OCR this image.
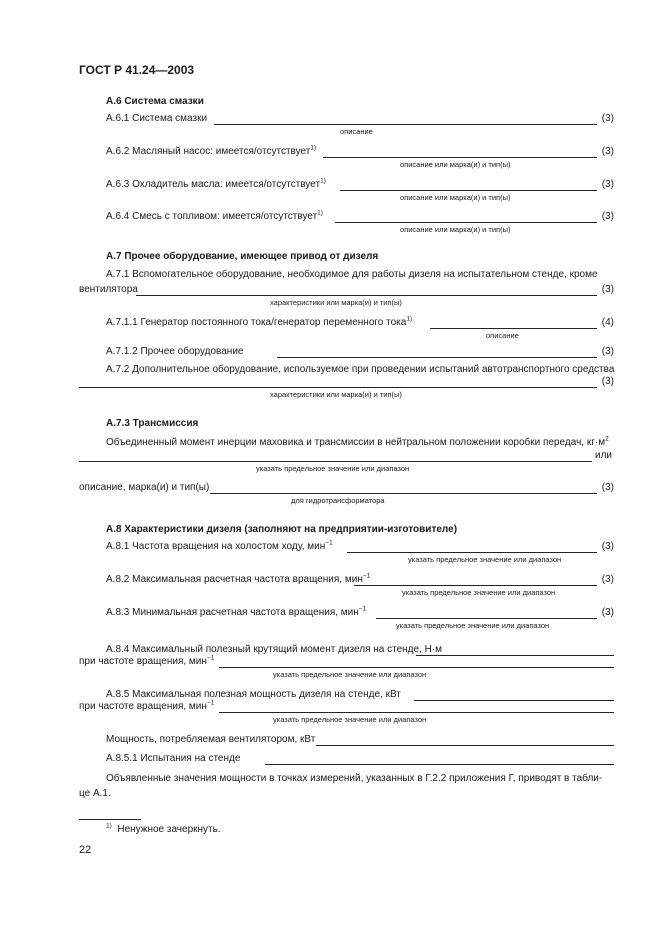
ГОСТ Р 41.24—2003
А.6 Система смазки
А.6.1 Система смазки	(3)
описание
А.6.2 Масляный насос: имеется/отсутствует$^{1)}$	(3)
описание или марка(и) и тип(ы)
А.6.3 Охладитель масла: имеется/отсутствует$^{1)}$	(3)
описание или марка(и) и тип(ы)
А.6.4 Смесь с топливом: имеется/отсутствует$^{1)}$	(3)
описание или марка(и) и тип(ы)
А.7 Прочее оборудование, имеющее привод от дизеля
А.7.1 Вспомогательное оборудование, необходимое для работы дизеля на испытательном стенде, кроме
вентилятора	(3)
характеристики или марка(и) и тип(ы)
А.7.1.1 Генератор постоянного тока/генератор переменного тока$^{1)}$	(4)
описание
А.7.1.2 Прочее оборудование	(3)
А.7.2 Дополнительное оборудование, используемое при проведении испытаний автотранспортного средства
(3)
характеристики или марка(и) и тип(ы)
А.7.3 Трансмиссия
Объединенный момент инерции маховика и трансмиссии в нейтральном положении коробки передач, $кг\cdot м^2$
или
указать предельное значение или диапазон
описание, марка(и) и тип(ы)	(3)
для гидротрансформатора
А.8 Характеристики дизеля (заполняют на предприятии-изготовителе)
А.8.1 Частота вращения на холостом ходу, мин$^{-1}$	(3)
указать предельное значение или диапазон
А.8.2 Максимальная расчетная частота вращения, мин$^{-1}$	(3)
указать предельное значение или диапазон
А.8.3 Минимальная расчетная частота вращения, мин$^{-1}$	(3)
указать предельное значение или диапазон
А.8.4 Максимальный полезный крутящий момент дизеля на стенде, Н·м
при частоте вращения, мин$^{-1}$
указать предельное значение или диапазон
А.8.5 Максимальная полезная мощность дизеля на стенде, кВт
при частоте вращения, мин$^{-1}$
указать предельное значение или диапазон
Мощность, потребляемая вентилятором, кВт
А.8.5.1 Испытания на стенде
Объявленные значения мощности в точках измерений, указанных в Г.2.2 приложения Г, приводят в табли-
це А.1.
$^{1)}$ Ненужное зачеркнуть.
22
